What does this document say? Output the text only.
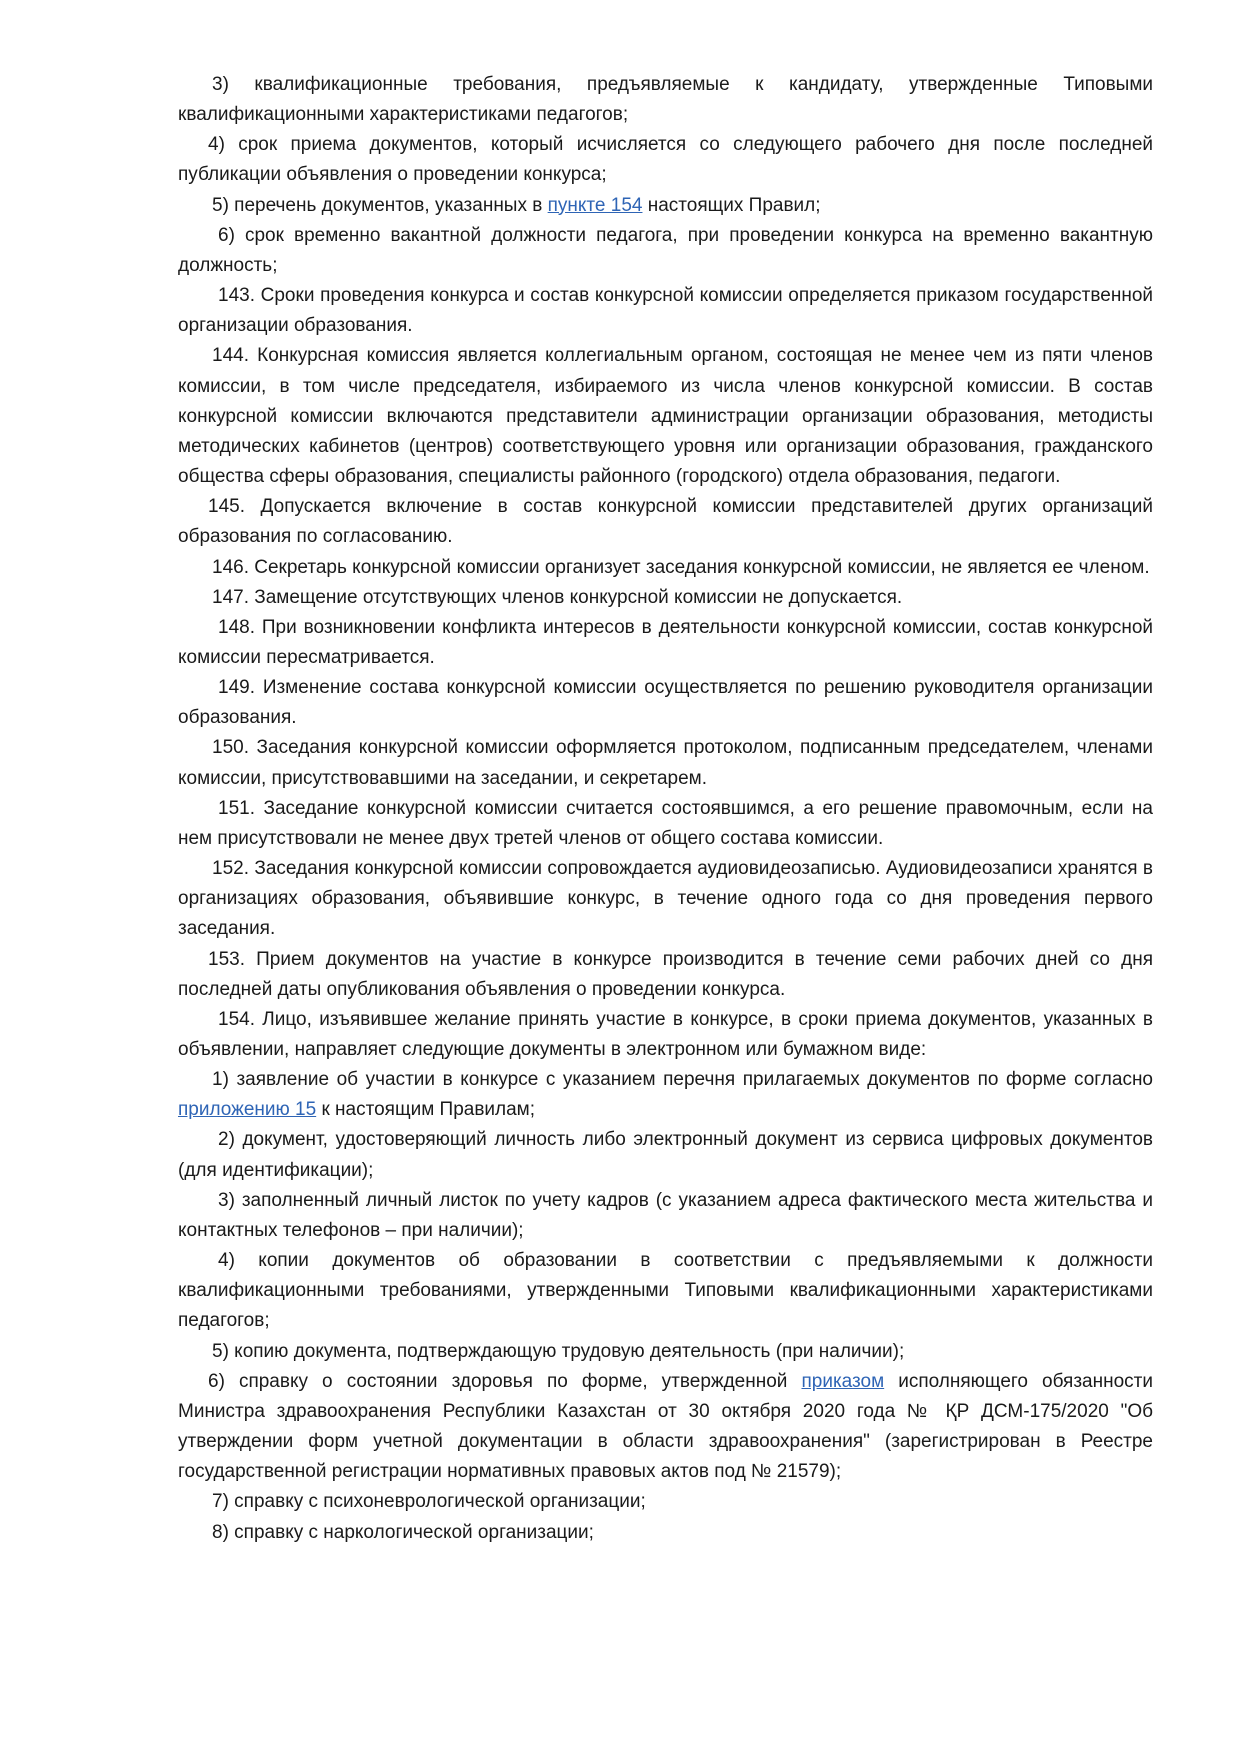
3) квалификационные требования, предъявляемые к кандидату, утвержденные Типовыми квалификационными характеристиками педагогов;

4) срок приема документов, который исчисляется со следующего рабочего дня после последней публикации объявления о проведении конкурса;

5) перечень документов, указанных в пункте 154 настоящих Правил;

6) срок временно вакантной должности педагога, при проведении конкурса на временно вакантную должность;

143. Сроки проведения конкурса и состав конкурсной комиссии определяется приказом государственной организации образования.

144. Конкурсная комиссия является коллегиальным органом, состоящая не менее чем из пяти членов комиссии, в том числе председателя, избираемого из числа членов конкурсной комиссии. В состав конкурсной комиссии включаются представители администрации организации образования, методисты методических кабинетов (центров) соответствующего уровня или организации образования, гражданского общества сферы образования, специалисты районного (городского) отдела образования, педагоги.

145. Допускается включение в состав конкурсной комиссии представителей других организаций образования по согласованию.

146. Секретарь конкурсной комиссии организует заседания конкурсной комиссии, не является ее членом.

147. Замещение отсутствующих членов конкурсной комиссии не допускается.

148. При возникновении конфликта интересов в деятельности конкурсной комиссии, состав конкурсной комиссии пересматривается.

149. Изменение состава конкурсной комиссии осуществляется по решению руководителя организации образования.

150. Заседания конкурсной комиссии оформляется протоколом, подписанным председателем, членами комиссии, присутствовавшими на заседании, и секретарем.

151. Заседание конкурсной комиссии считается состоявшимся, а его решение правомочным, если на нем присутствовали не менее двух третей членов от общего состава комиссии.

152. Заседания конкурсной комиссии сопровождается аудиовидеозаписью. Аудиовидеозаписи хранятся в организациях образования, объявившие конкурс, в течение одного года со дня проведения первого заседания.

153. Прием документов на участие в конкурсе производится в течение семи рабочих дней со дня последней даты опубликования объявления о проведении конкурса.

154. Лицо, изъявившее желание принять участие в конкурсе, в сроки приема документов, указанных в объявлении, направляет следующие документы в электронном или бумажном виде:

1) заявление об участии в конкурсе с указанием перечня прилагаемых документов по форме согласно приложению 15 к настоящим Правилам;

2) документ, удостоверяющий личность либо электронный документ из сервиса цифровых документов (для идентификации);

3) заполненный личный листок по учету кадров (с указанием адреса фактического места жительства и контактных телефонов – при наличии);

4) копии документов об образовании в соответствии с предъявляемыми к должности квалификационными требованиями, утвержденными Типовыми квалификационными характеристиками педагогов;

5) копию документа, подтверждающую трудовую деятельность (при наличии);

6) справку о состоянии здоровья по форме, утвержденной приказом исполняющего обязанности Министра здравоохранения Республики Казахстан от 30 октября 2020 года № ҚР ДСМ-175/2020 "Об утверждении форм учетной документации в области здравоохранения" (зарегистрирован в Реестре государственной регистрации нормативных правовых актов под № 21579);

7) справку с психоневрологической организации;

8) справку с наркологической организации;
